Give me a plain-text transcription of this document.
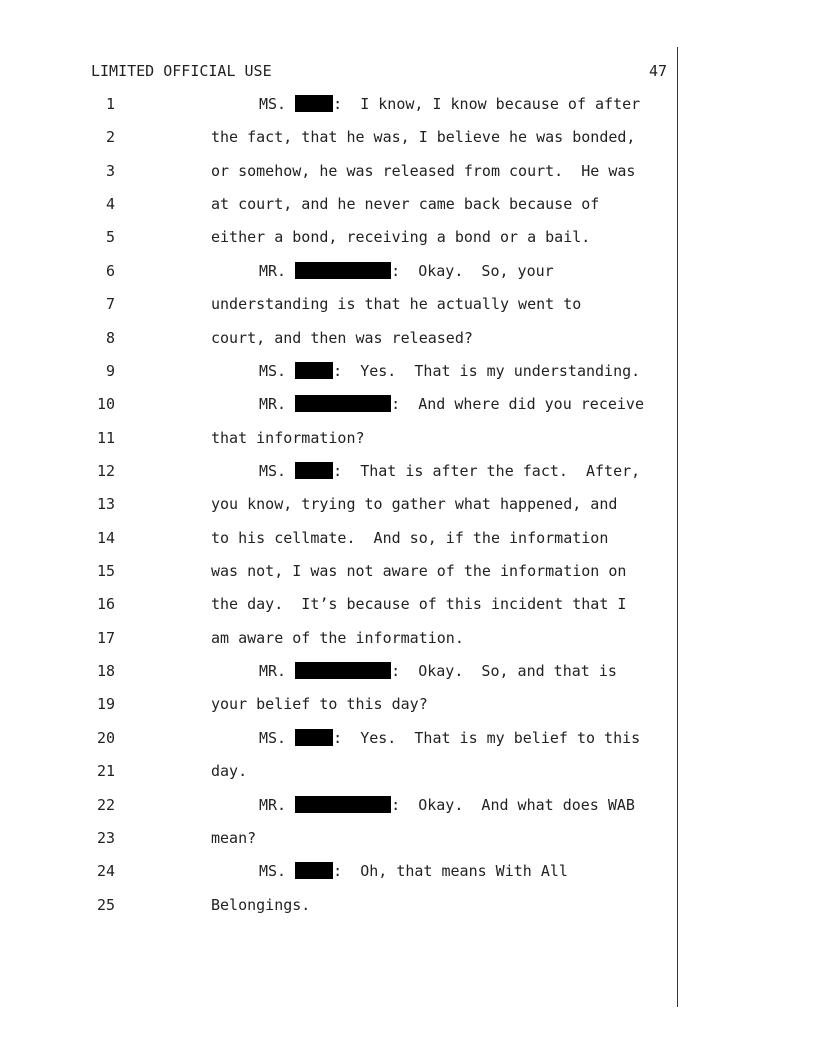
LIMITED OFFICIAL USE	47
1	MS.	:  I know, I know because of after
2	the fact, that he was, I believe he was bonded,
3	or somehow, he was released from court.  He was
4	at court, and he never came back because of
5	either a bond, receiving a bond or a bail.
6	MR.	:  Okay.  So, your
7	understanding is that he actually went to
8	court, and then was released?
9	MS.	:  Yes.  That is my understanding.
10	MR.	:  And where did you receive
11	that information?
12	MS.	:  That is after the fact.  After,
13	you know, trying to gather what happened, and
14	to his cellmate.  And so, if the information
15	was not, I was not aware of the information on
16	the day.  It’s because of this incident that I
17	am aware of the information.
18	MR.	:  Okay.  So, and that is
19	your belief to this day?
20	MS.	:  Yes.  That is my belief to this
21	day.
22	MR.	:  Okay.  And what does WAB
23	mean?
24	MS.	:  Oh, that means With All
25	Belongings.
